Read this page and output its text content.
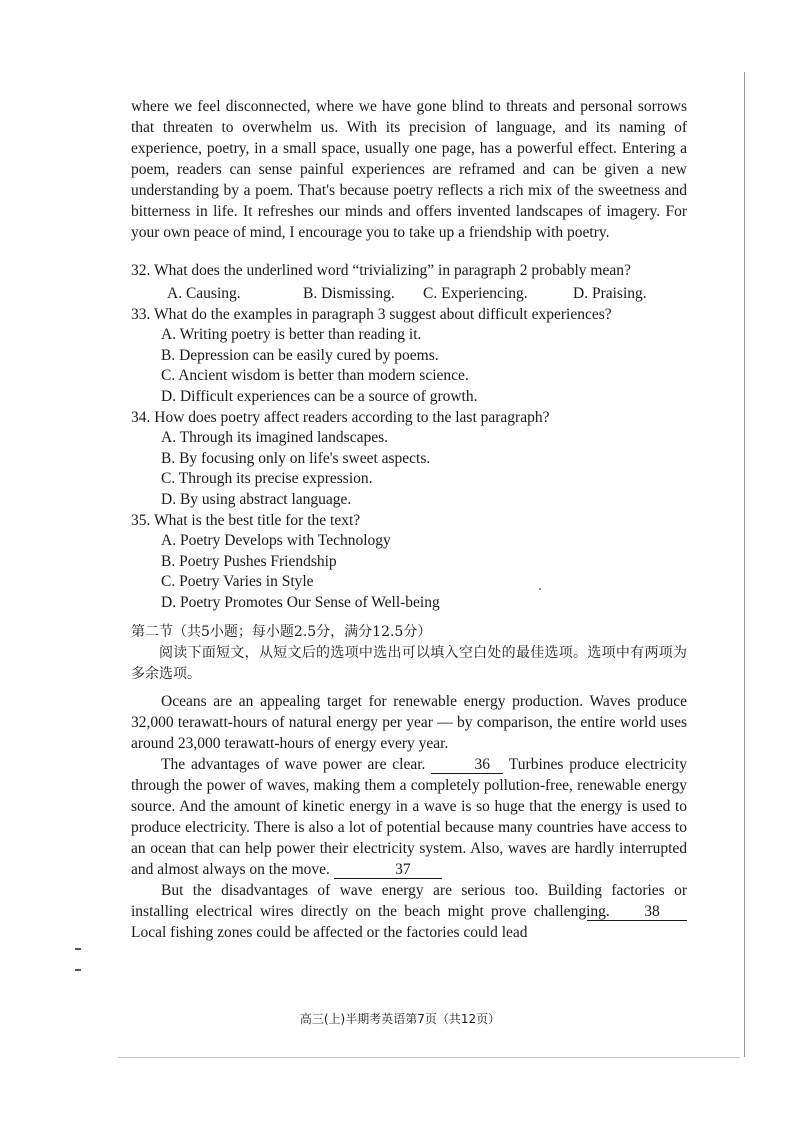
where we feel disconnected, where we have gone blind to threats and personal sorrows that threaten to overwhelm us. With its precision of language, and its naming of experience, poetry, in a small space, usually one page, has a powerful effect. Entering a poem, readers can sense painful experiences are reframed and can be given a new understanding by a poem. That's because poetry reflects a rich mix of the sweetness and bitterness in life. It refreshes our minds and offers invented landscapes of imagery. For your own peace of mind, I encourage you to take up a friendship with poetry.

32. What does the underlined word “trivializing” in paragraph 2 probably mean?
A. Causing.	B. Dismissing.	C. Experiencing.	D. Praising.
33. What do the examples in paragraph 3 suggest about difficult experiences?
A. Writing poetry is better than reading it.
B. Depression can be easily cured by poems.
C. Ancient wisdom is better than modern science.
D. Difficult experiences can be a source of growth.
34. How does poetry affect readers according to the last paragraph?
A. Through its imagined landscapes.
B. By focusing only on life's sweet aspects.
C. Through its precise expression.
D. By using abstract language.
35. What is the best title for the text?
A. Poetry Develops with Technology
B. Poetry Pushes Friendship
C. Poetry Varies in Style
D. Poetry Promotes Our Sense of Well-being
第二节（共5小题；每小题2.5分，满分12.5分）
阅读下面短文，从短文后的选项中选出可以填入空白处的最佳选项。选项中有两项为多余选项。

Oceans are an appealing target for renewable energy production. Waves produce 32,000 terawatt-hours of natural energy per year — by comparison, the entire world uses around 23,000 terawatt-hours of energy every year.

The advantages of wave power are clear.	36 Turbines produce electricity through the power of waves, making them a completely pollution-free, renewable energy source. And the amount of kinetic energy in a wave is so huge that the energy is used to produce electricity. There is also a lot of potential because many countries have access to an ocean that can help power their electricity system. Also, waves are hardly interrupted and almost always on the move.	37

But the disadvantages of wave energy are serious too. Building factories or installing electrical wires directly on the beach might prove challenging. 38 Local fishing zones could be affected or the factories could lead

高三(上)半期考英语第7页（共12页）
